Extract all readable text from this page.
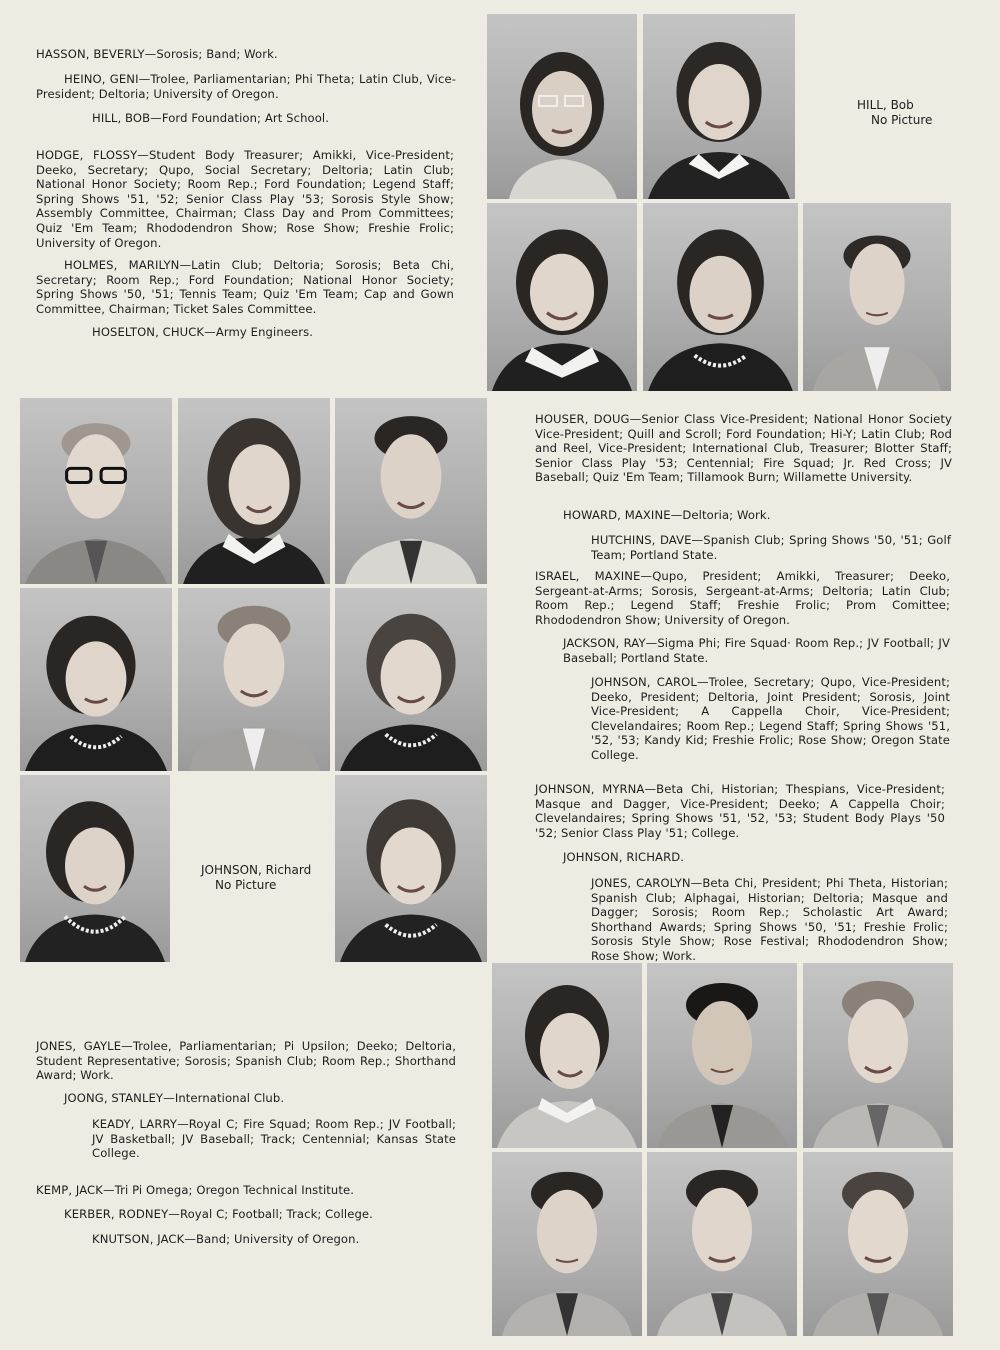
HASSON, BEVERLY—Sorosis; Band; Work.
HEINO, GENI—Trolee, Parliamentarian; Phi Theta; Latin Club, Vice-President; Deltoria; University of Oregon.
HILL, BOB—Ford Foundation; Art School.
HODGE, FLOSSY—Student Body Treasurer; Amikki, Vice-President; Deeko, Secretary; Qupo, Social Secretary; Deltoria; Latin Club; National Honor Society; Room Rep.; Ford Foundation; Legend Staff; Spring Shows '51, '52; Senior Class Play '53; Sorosis Style Show; Assembly Committee, Chairman; Class Day and Prom Committees; Quiz 'Em Team; Rhododendron Show; Rose Show; Freshie Frolic; University of Oregon.
HOLMES, MARILYN—Latin Club; Deltoria; Sorosis; Beta Chi, Secretary; Room Rep.; Ford Foundation; National Honor Society; Spring Shows '50, '51; Tennis Team; Quiz 'Em Team; Cap and Gown Committee, Chairman; Ticket Sales Committee.
HOSELTON, CHUCK—Army Engineers.
HOUSER, DOUG—Senior Class Vice-President; National Honor Society Vice-President; Quill and Scroll; Ford Foundation; Hi-Y; Latin Club; Rod and Reel, Vice-President; International Club, Treasurer; Blotter Staff; Senior Class Play '53; Centennial; Fire Squad; Jr. Red Cross; JV Baseball; Quiz 'Em Team; Tillamook Burn; Willamette University.
HOWARD, MAXINE—Deltoria; Work.
HUTCHINS, DAVE—Spanish Club; Spring Shows '50, '51; Golf Team; Portland State.
ISRAEL, MAXINE—Qupo, President; Amikki, Treasurer; Deeko, Sergeant-at-Arms; Sorosis, Sergeant-at-Arms; Deltoria; Latin Club; Room Rep.; Legend Staff; Freshie Frolic; Prom Comittee; Rhododendron Show; University of Oregon.
JACKSON, RAY—Sigma Phi; Fire Squad· Room Rep.; JV Football; JV Baseball; Portland State.
JOHNSON, CAROL—Trolee, Secretary; Qupo, Vice-President; Deeko, President; Deltoria, Joint President; Sorosis, Joint Vice-President; A Cappella Choir, Vice-President; Clevelandaires; Room Rep.; Legend Staff; Spring Shows '51, '52, '53; Kandy Kid; Freshie Frolic; Rose Show; Oregon State College.
JOHNSON, MYRNA—Beta Chi, Historian; Thespians, Vice-President; Masque and Dagger, Vice-President; Deeko; A Cappella Choir; Clevelandaires; Spring Shows '51, '52, '53; Student Body Plays '50 '52; Senior Class Play '51; College.
JOHNSON, RICHARD.
JONES, CAROLYN—Beta Chi, President; Phi Theta, Historian; Spanish Club; Alphagai, Historian; Deltoria; Masque and Dagger; Sorosis; Room Rep.; Scholastic Art Award; Shorthand Awards; Spring Shows '50, '51; Freshie Frolic; Sorosis Style Show; Rose Festival; Rhododendron Show; Rose Show; Work.
JONES, GAYLE—Trolee, Parliamentarian; Pi Upsilon; Deeko; Deltoria, Student Representative; Sorosis; Spanish Club; Room Rep.; Shorthand Award; Work.
JOONG, STANLEY—International Club.
KEADY, LARRY—Royal C; Fire Squad; Room Rep.; JV Football; JV Basketball; JV Baseball; Track; Centennial; Kansas State College.
KEMP, JACK—Tri Pi Omega; Oregon Technical Institute.
KERBER, RODNEY—Royal C; Football; Track; College.
KNUTSON, JACK—Band; University of Oregon.
HILL, Bob
No Picture
JOHNSON, Richard
No Picture
